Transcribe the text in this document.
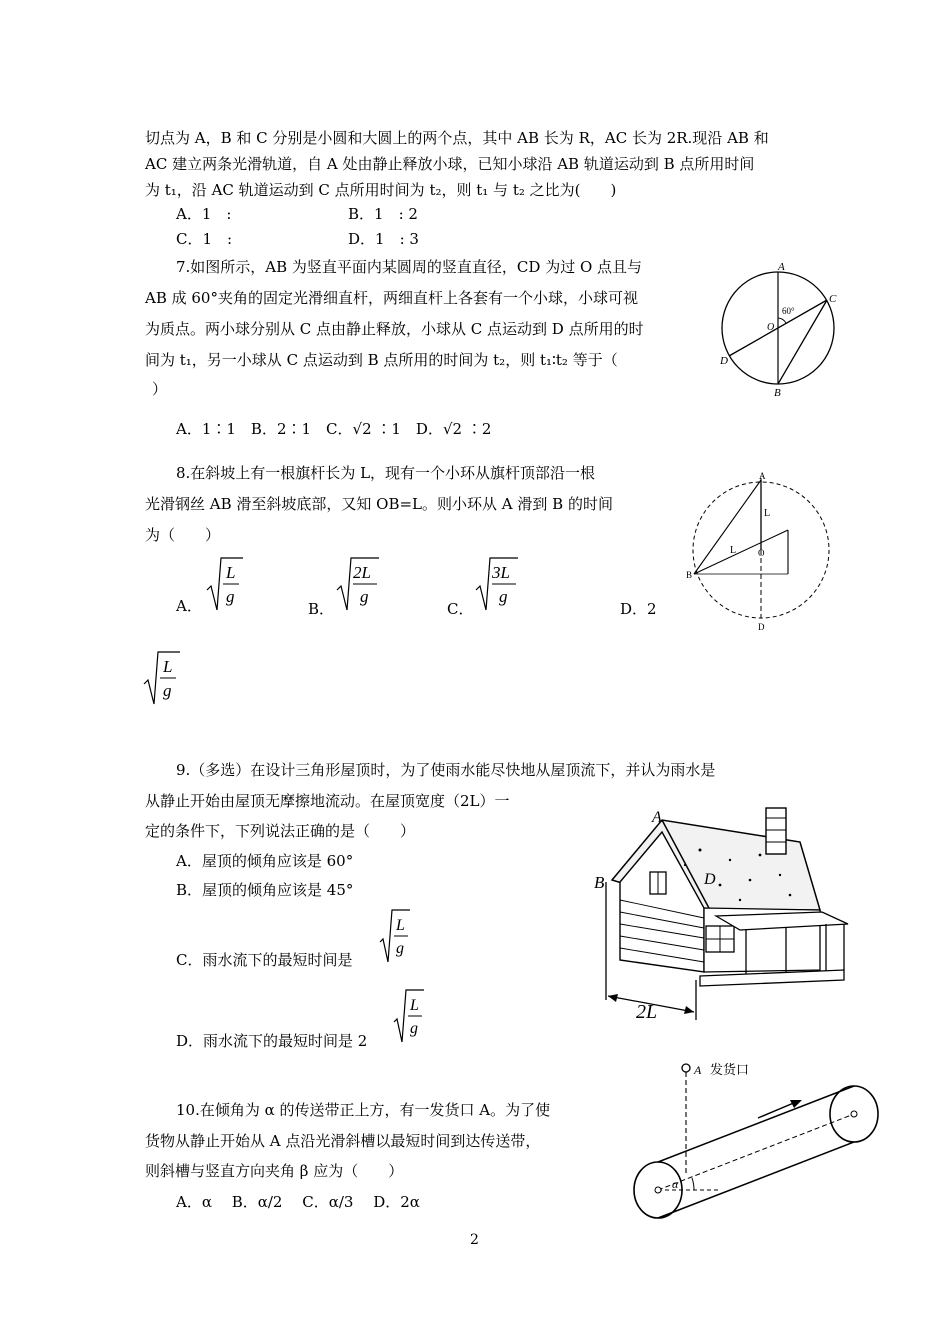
切点为 A，B 和 C 分别是小圆和大圆上的两个点，其中 AB 长为 R，AC 长为 2R.现沿 AB 和
AC 建立两条光滑轨道，自 A 处由静止释放小球，已知小球沿 AB 轨道运动到 B 点所用时间
为 t₁，沿 AC 轨道运动到 C 点所用时间为 t₂，则 t₁ 与 t₂ 之比为(　　)
A．1　:	B．1　: 2
C．1　:	D．1　: 3
7.如图所示，AB 为竖直平面内某圆周的竖直直径，CD 为过 O 点且与
AB 成 60°夹角的固定光滑细直杆，两细直杆上各套有一个小球，小球可视
为质点。两小球分别从 C 点由静止释放，小球从 C 点运动到 D 点所用的时
间为 t₁，另一小球从 C 点运动到 B 点所用的时间为 t₂，则 t₁∶t₂ 等于（
）
A．1∶1　B．2∶1　C．√2 ∶1　D．√2 ∶2
A
B
C
D
O
60°
8.在斜坡上有一根旗杆长为 L，现有一个小环从旗杆顶部沿一根
光滑钢丝 AB 滑至斜坡底部，又知 OB=L。则小环从 A 滑到 B 的时间
为（　　）
A．
L
g
B．
2L
g
C．
3L
g
D．2
L
g
A
B
D
O
L
L
9.（多选）在设计三角形屋顶时，为了使雨水能尽快地从屋顶流下，并认为雨水是
从静止开始由屋顶无摩擦地流动。在屋顶宽度（2L）一
定的条件下，下列说法正确的是（　　）
A．屋顶的倾角应该是 60°
B．屋顶的倾角应该是 45°
C．雨水流下的最短时间是
L
g
D．雨水流下的最短时间是 2
L
g
2L
A
B	D
10.在倾角为 α 的传送带正上方，有一发货口 A。为了使
货物从静止开始从 A 点沿光滑斜槽以最短时间到达传送带，
则斜槽与竖直方向夹角 β 应为（　　）
A．α　 B．α/2　 C．α/3　 D．2α
A 发货口
α
2
